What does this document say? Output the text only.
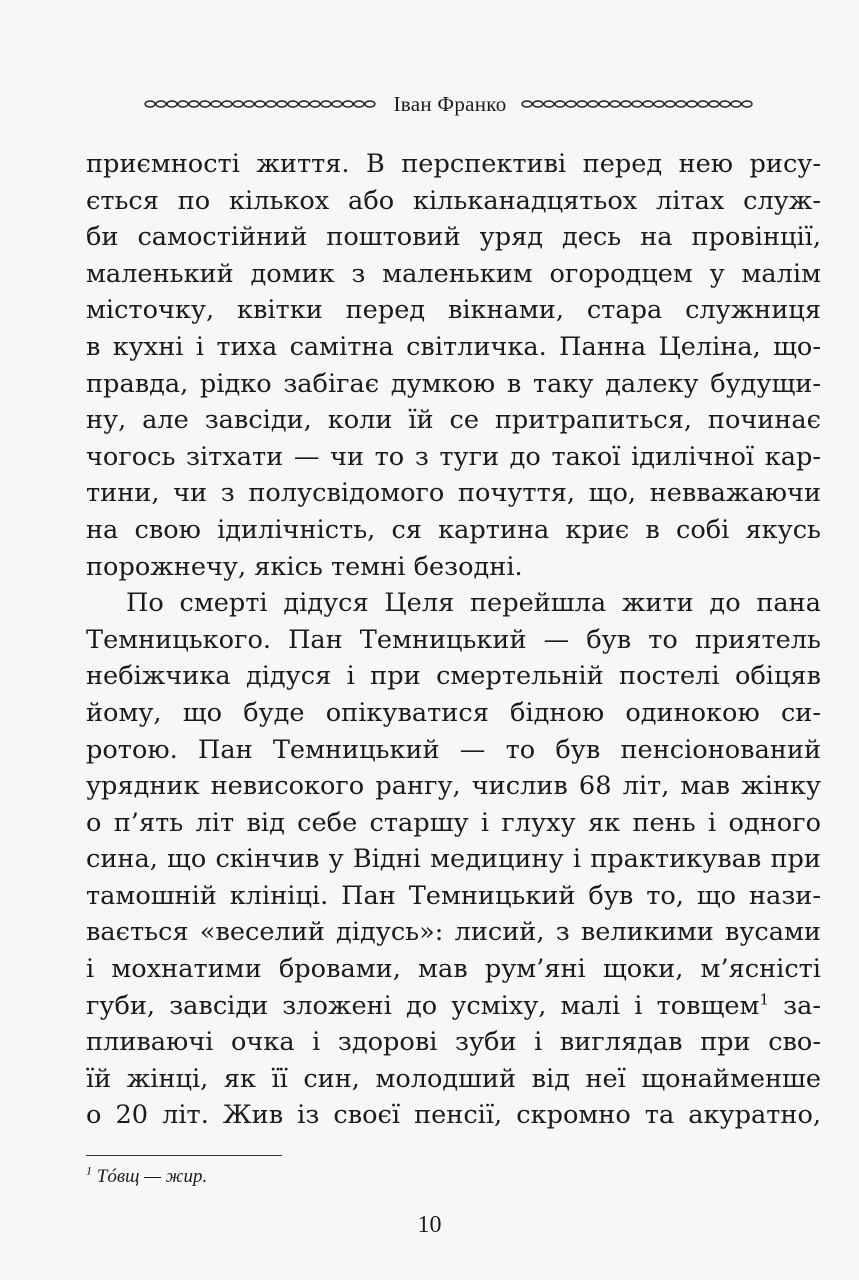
Іван Франко
приємності життя. В перспективі перед нею рису-
ється по кількох або кільканадцятьох літах служ-
би самостійний поштовий уряд десь на провінції,
маленький домик з маленьким огородцем у малім
місточку, квітки перед вікнами, стара служниця
в кухні і тиха самітна світличка. Панна Целіна, що-
правда, рідко забігає думкою в таку далеку будущи-
ну, але завсіди, коли їй се притрапиться, починає
чогось зітхати — чи то з туги до такої ідилічної кар-
тини, чи з полусвідомого почуття, що, невважаючи
на свою ідилічність, ся картина криє в собі якусь
порожнечу, якісь темні безодні.
По смерті дідуся Целя перейшла жити до пана
Темницького. Пан Темницький — був то приятель
небіжчика дідуся і при смертельній постелі обіцяв
йому, що буде опікуватися бідною одинокою си-
ротою. Пан Темницький — то був пенсіонований
урядник невисокого рангу, числив 68 літ, мав жінку
о п’ять літ від себе старшу і глуху як пень і одного
сина, що скінчив у Відні медицину і практикував при
тамошній клініці. Пан Темницький був то, що нази-
вається «веселий дідусь»: лисий, з великими вусами
і мохнатими бровами, мав рум’яні щоки, м’ясністі
губи, завсіди зложені до усміху, малі і товщем$^1$ за-
пливаючі очка і здорові зуби і виглядав при сво-
їй жінці, як її син, молодший від неї щонайменше
о 20 літ. Жив із своєї пенсії, скромно та акуратно,
$^1$ Тóвщ — жир.
10
